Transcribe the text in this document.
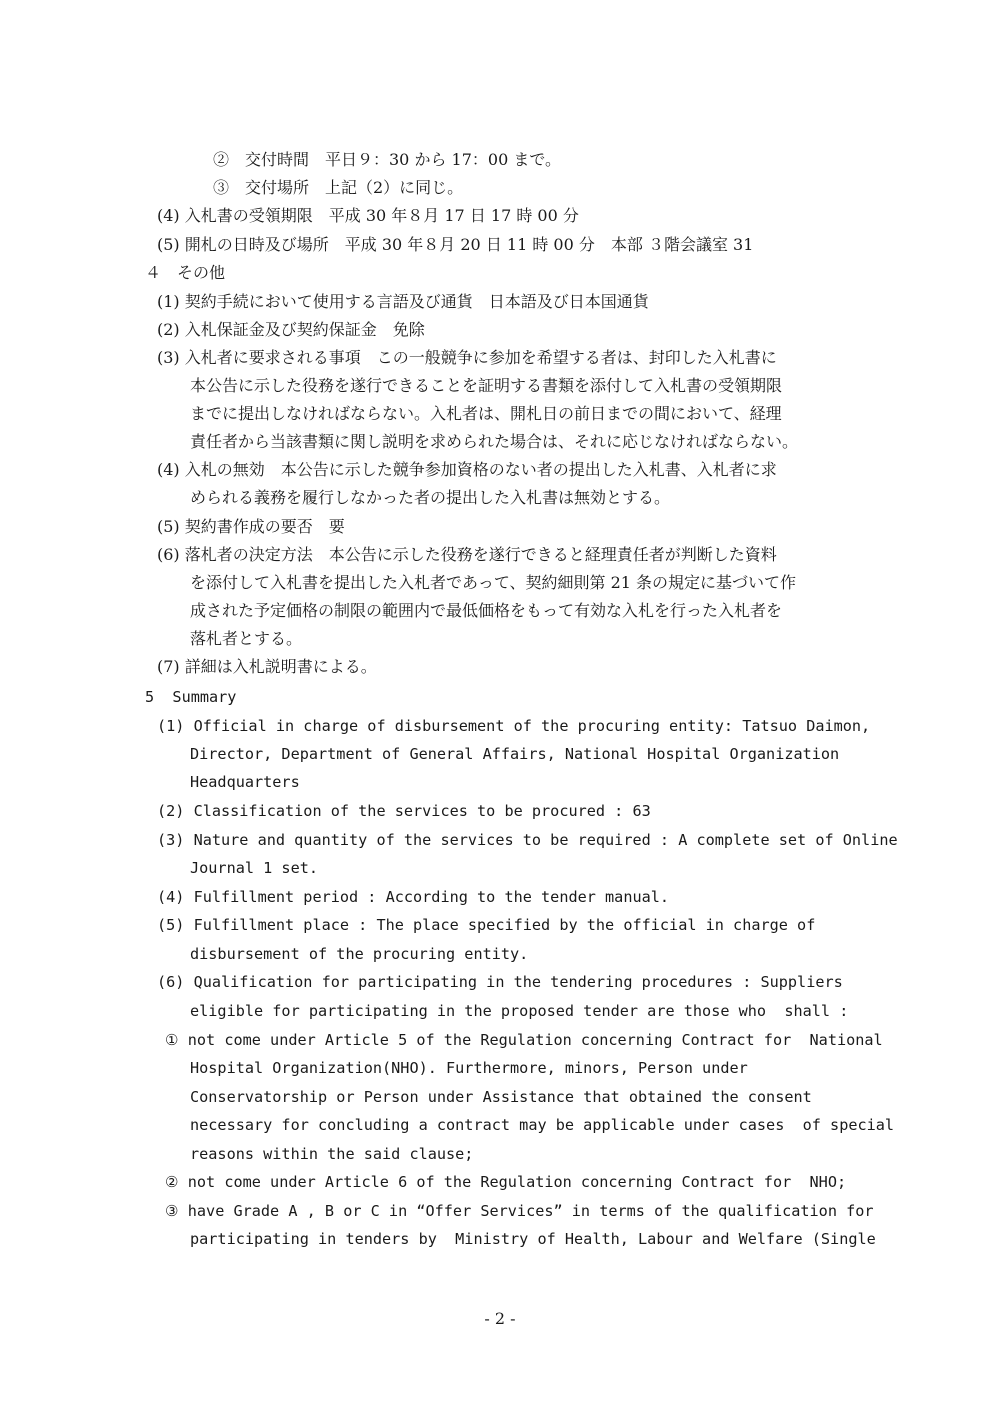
②　交付時間　平日９：30 から 17：00 まで。
③　交付場所　上記（2）に同じ。
(4) 入札書の受領期限　平成 30 年８月 17 日 17 時 00 分
(5) 開札の日時及び場所　平成 30 年８月 20 日 11 時 00 分　本部 ３階会議室 31
４　その他
(1) 契約手続において使用する言語及び通貨　日本語及び日本国通貨
(2) 入札保証金及び契約保証金　免除
(3) 入札者に要求される事項　この一般競争に参加を希望する者は、封印した入札書に
本公告に示した役務を遂行できることを証明する書類を添付して入札書の受領期限
までに提出しなければならない。入札者は、開札日の前日までの間において、経理
責任者から当該書類に関し説明を求められた場合は、それに応じなければならない。
(4) 入札の無効　本公告に示した競争参加資格のない者の提出した入札書、入札者に求
められる義務を履行しなかった者の提出した入札書は無効とする。
(5) 契約書作成の要否　要
(6) 落札者の決定方法　本公告に示した役務を遂行できると経理責任者が判断した資料
を添付して入札書を提出した入札者であって、契約細則第 21 条の規定に基づいて作
成された予定価格の制限の範囲内で最低価格をもって有効な入札を行った入札者を
落札者とする。
(7) 詳細は入札説明書による。
5  Summary
(1) Official in charge of disbursement of the procuring entity: Tatsuo Daimon,
Director, Department of General Affairs, National Hospital Organization
Headquarters
(2) Classification of the services to be procured : 63
(3) Nature and quantity of the services to be required : A complete set of Online
Journal 1 set.
(4) Fulfillment period : According to the tender manual.
(5) Fulfillment place : The place specified by the official in charge of
disbursement of the procuring entity.
(6) Qualification for participating in the tendering procedures : Suppliers
eligible for participating in the proposed tender are those who  shall :
① not come under Article 5 of the Regulation concerning Contract for  National
Hospital Organization(NHO). Furthermore, minors, Person under
Conservatorship or Person under Assistance that obtained the consent
necessary for concluding a contract may be applicable under cases  of special
reasons within the said clause;
② not come under Article 6 of the Regulation concerning Contract for  NHO;
③ have Grade A , B or C in “Offer Services” in terms of the qualification for
participating in tenders by  Ministry of Health, Labour and Welfare (Single
- 2 -
